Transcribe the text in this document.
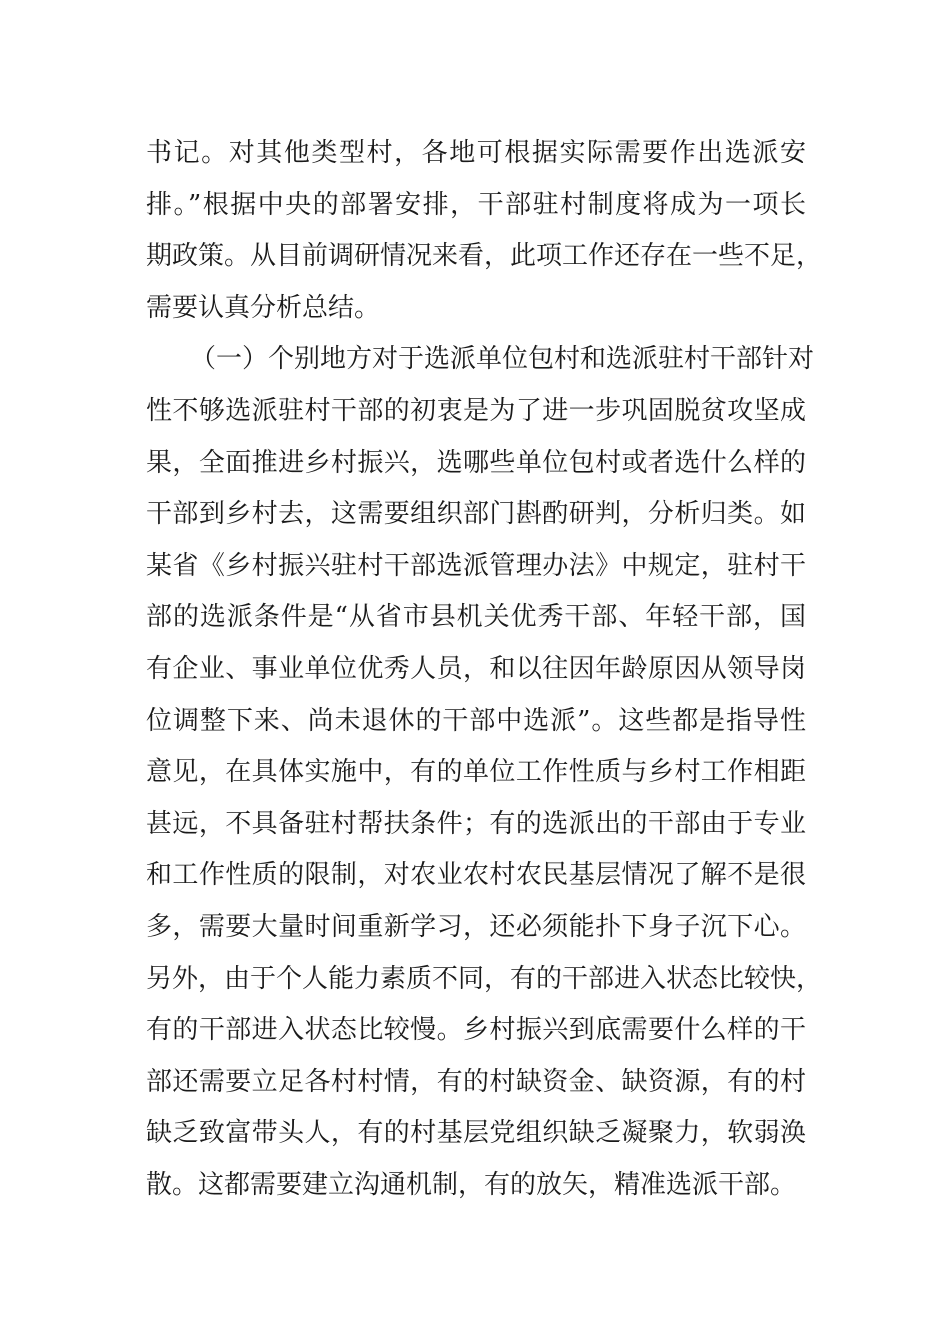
书记。对其他类型村，各地可根据实际需要作出选派安
排。”根据中央的部署安排，干部驻村制度将成为一项长
期政策。从目前调研情况来看，此项工作还存在一些不足，
需要认真分析总结。
（一）个别地方对于选派单位包村和选派驻村干部针对
性不够选派驻村干部的初衷是为了进一步巩固脱贫攻坚成
果，全面推进乡村振兴，选哪些单位包村或者选什么样的
干部到乡村去，这需要组织部门斟酌研判，分析归类。如
某省《乡村振兴驻村干部选派管理办法》中规定，驻村干
部的选派条件是“从省市县机关优秀干部、年轻干部，国
有企业、事业单位优秀人员，和以往因年龄原因从领导岗
位调整下来、尚未退休的干部中选派”。这些都是指导性
意见，在具体实施中，有的单位工作性质与乡村工作相距
甚远，不具备驻村帮扶条件；有的选派出的干部由于专业
和工作性质的限制，对农业农村农民基层情况了解不是很
多，需要大量时间重新学习，还必须能扑下身子沉下心。
另外，由于个人能力素质不同，有的干部进入状态比较快，
有的干部进入状态比较慢。乡村振兴到底需要什么样的干
部还需要立足各村村情，有的村缺资金、缺资源，有的村
缺乏致富带头人，有的村基层党组织缺乏凝聚力，软弱涣
散。这都需要建立沟通机制，有的放矢，精准选派干部。
